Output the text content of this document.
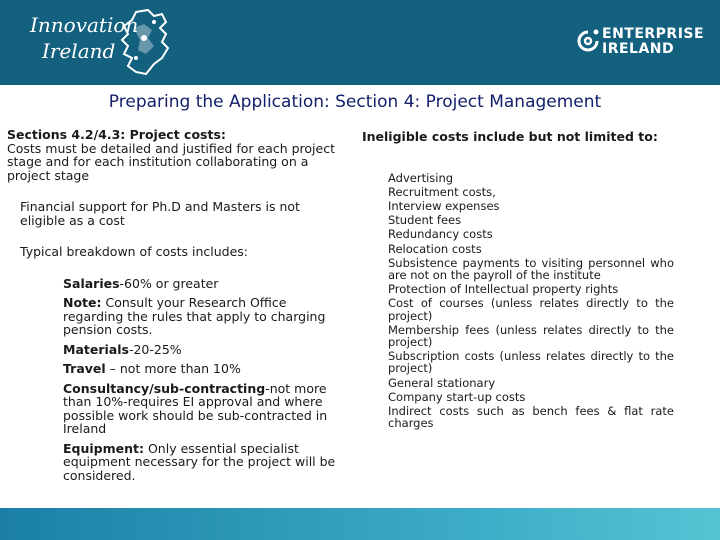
Innovation
Ireland
ENTERPRISE
IRELAND
Preparing the Application: Section 4: Project Management

Sections 4.2/4.3: Project costs:

Costs must be detailed and justified for each project stage and for each institution collaborating on a project stage

Financial support for Ph.D and Masters is not eligible as a cost

Typical breakdown of costs includes:

Salaries-60% or greater

Note: Consult your Research Office regarding the rules that apply to charging pension costs.

Materials-20-25%

Travel – not more than 10%

Consultancy/sub-contracting-not more than 10%-requires EI approval and where possible work should be sub-contracted in Ireland

Equipment: Only essential specialist equipment necessary for the project will be considered.

Ineligible costs include but not limited to:

Advertising
Recruitment costs,
Interview expenses
Student fees
Redundancy costs
Relocation costs
Subsistence payments to visiting personnel who are not on the payroll of the institute
Protection of Intellectual property rights
Cost of courses (unless relates directly to the project)
Membership fees (unless relates directly to the project)
Subscription costs (unless relates directly to the project)
General stationary
Company start-up costs
Indirect costs such as bench fees & flat rate charges
